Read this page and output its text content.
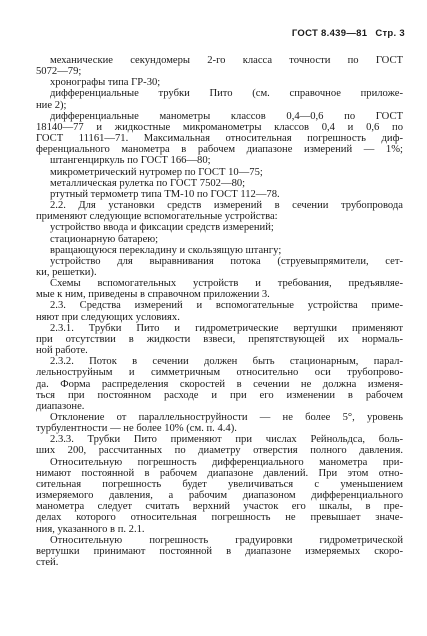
ГОСТ 8.439—81 Стр. 3
механические секундомеры 2-го класса точности по ГОСТ
5072—79;
хронографы типа ГР-30;
дифференциальные трубки Пито (см. справочное приложе-
ние 2);
дифференциальные манометры классов 0,4—0,6 по ГОСТ
18140—77 и жидкостные микроманометры классов 0,4 и 0,6 по
ГОСТ 11161—71. Максимальная относительная погрешность диф-
ференциального манометра в рабочем диапазоне измерений — 1%;
штангенциркуль по ГОСТ 166—80;
микрометрический нутромер по ГОСТ 10—75;
металлическая рулетка по ГОСТ 7502—80;
ртутный термометр типа ТМ-10 по ГОСТ 112—78.
2.2. Для установки средств измерений в сечении трубопровода
применяют следующие вспомогательные устройства:
устройство ввода и фиксации средств измерений;
стационарную батарею;
вращающуюся перекладину и скользящую штангу;
устройство для выравнивания потока (струевыпрямители, сет-
ки, решетки).
Схемы вспомогательных устройств и требования, предъявляе-
мые к ним, приведены в справочном приложении 3.
2.3. Средства измерений и вспомогательные устройства приме-
няют при следующих условиях.
2.3.1. Трубки Пито и гидрометрические вертушки применяют
при отсутствии в жидкости взвеси, препятствующей их нормаль-
ной работе.
2.3.2. Поток в сечении должен быть стационарным, парал-
лельноструйным и симметричным относительно оси трубопрово-
да. Форма распределения скоростей в сечении не должна изменя-
ться при постоянном расходе и при его изменении в рабочем
диапазоне.
Отклонение от параллельноструйности — не более 5°, уровень
турбулентности — не более 10% (см. п. 4.4).
2.3.3. Трубки Пито применяют при числах Рейнольдса, боль-
ших 200, рассчитанных по диаметру отверстия полного давления.
Относительную погрешность дифференциального манометра при-
нимают постоянной в рабочем диапазоне давлений. При этом отно-
сительная погрешность будет увеличиваться с уменьшением
измеряемого давления, а рабочим диапазоном дифференциального
манометра следует считать верхний участок его шкалы, в пре-
делах которого относительная погрешность не превышает значе-
ния, указанного в п. 2.1.
Относительную погрешность градуировки гидрометрической
вертушки принимают постоянной в диапазоне измеряемых скоро-
стей.
